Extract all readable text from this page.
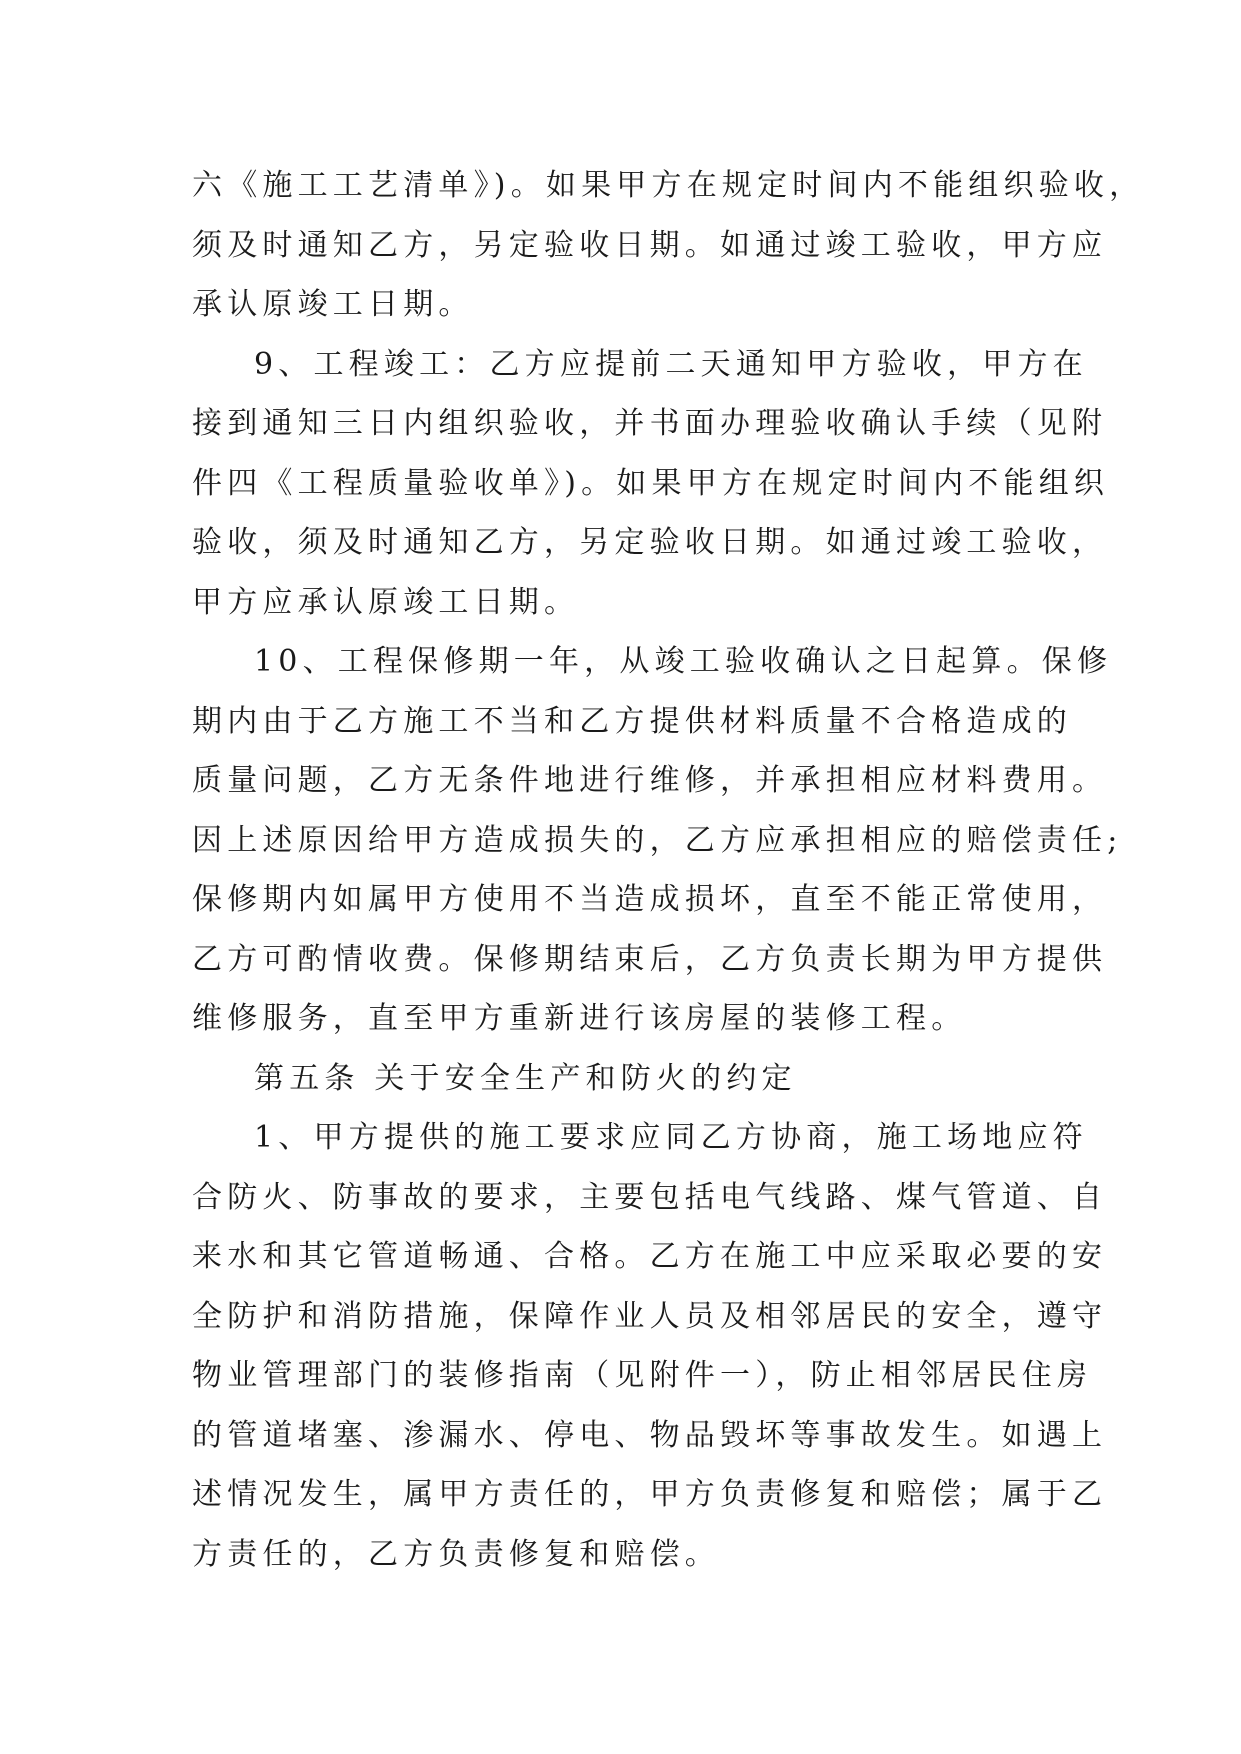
六《施工工艺清单》)。如果甲方在规定时间内不能组织验收，
须及时通知乙方，另定验收日期。如通过竣工验收，甲方应
承认原竣工日期。
9、工程竣工：乙方应提前二天通知甲方验收，甲方在
接到通知三日内组织验收，并书面办理验收确认手续（见附
件四《工程质量验收单》)。如果甲方在规定时间内不能组织
验收，须及时通知乙方，另定验收日期。如通过竣工验收，
甲方应承认原竣工日期。
10、工程保修期一年，从竣工验收确认之日起算。保修
期内由于乙方施工不当和乙方提供材料质量不合格造成的
质量问题，乙方无条件地进行维修，并承担相应材料费用。
因上述原因给甲方造成损失的，乙方应承担相应的赔偿责任;
保修期内如属甲方使用不当造成损坏，直至不能正常使用，
乙方可酌情收费。保修期结束后，乙方负责长期为甲方提供
维修服务，直至甲方重新进行该房屋的装修工程。
第五条 关于安全生产和防火的约定
1、甲方提供的施工要求应同乙方协商，施工场地应符
合防火、防事故的要求，主要包括电气线路、煤气管道、自
来水和其它管道畅通、合格。乙方在施工中应采取必要的安
全防护和消防措施，保障作业人员及相邻居民的安全，遵守
物业管理部门的装修指南（见附件一），防止相邻居民住房
的管道堵塞、渗漏水、停电、物品毁坏等事故发生。如遇上
述情况发生，属甲方责任的，甲方负责修复和赔偿；属于乙
方责任的，乙方负责修复和赔偿。
